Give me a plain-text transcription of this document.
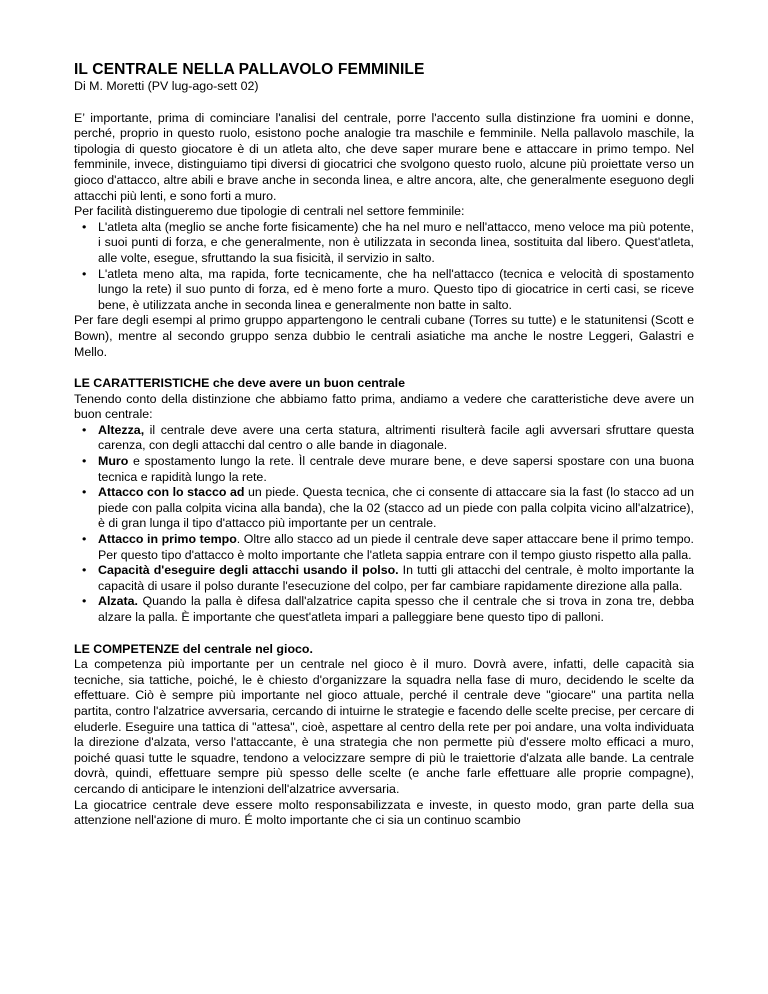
IL CENTRALE NELLA PALLAVOLO FEMMINILE
Di M. Moretti (PV lug-ago-sett 02)

E’ importante, prima di cominciare l'analisi del centrale, porre l'accento sulla distinzione fra uomini e donne, perché, proprio in questo ruolo, esistono poche analogie tra maschile e femminile. Nella pallavolo maschile, la tipologia di questo giocatore è di un atleta alto, che deve saper murare bene e attaccare in primo tempo. Nel femminile, invece, distinguiamo tipi diversi di giocatrici che svolgono questo ruolo, alcune più proiettate verso un gioco d'attacco, altre abili e brave anche in seconda linea, e altre ancora, alte, che generalmente eseguono degli attacchi più lenti, e sono forti a muro.

Per facilità distingueremo due tipologie di centrali nel settore femminile:

• L'atleta alta (meglio se anche forte fisicamente) che ha nel muro e nell'attacco, meno veloce ma più potente, i suoi punti di forza, e che generalmente, non è utilizzata in seconda linea, sostituita dal libero. Quest'atleta, alle volte, esegue, sfruttando la sua fisicità, il servizio in salto.
• L'atleta meno alta, ma rapida, forte tecnicamente, che ha nell'attacco (tecnica e velocità di spostamento lungo la rete) il suo punto di forza, ed è meno forte a muro. Questo tipo di giocatrice in certi casi, se riceve bene, è utilizzata anche in seconda linea e generalmente non batte in salto.

Per fare degli esempi al primo gruppo appartengono le centrali cubane (Torres su tutte) e le statunitensi (Scott e Bown), mentre al secondo gruppo senza dubbio le centrali asiatiche ma anche le nostre Leggeri, Galastri e Mello.

LE CARATTERISTICHE che deve avere un buon centrale

Tenendo conto della distinzione che abbiamo fatto prima, andiamo a vedere che caratteristiche deve avere un buon centrale:

• Altezza, il centrale deve avere una certa statura, altrimenti risulterà facile agli avversari sfruttare questa carenza, con degli attacchi dal centro o alle bande in diagonale.
• Muro e spostamento lungo la rete. Ìl centrale deve murare bene, e deve sapersi spostare con una buona tecnica e rapidità lungo la rete.
• Attacco con lo stacco ad un piede. Questa tecnica, che ci consente di attaccare sia la fast (lo stacco ad un piede con palla colpita vicina alla banda), che la 02 (stacco ad un piede con palla colpita vicino all'alzatrice), è di gran lunga il tipo d'attacco più importante per un centrale.
• Attacco in primo tempo. Oltre allo stacco ad un piede il centrale deve saper attaccare bene il primo tempo. Per questo tipo d'attacco è molto importante che l'atleta sappia entrare con il tempo giusto rispetto alla palla.
• Capacità d'eseguire degli attacchi usando il polso. In tutti gli attacchi del centrale, è molto importante la capacità di usare il polso durante l'esecuzione del colpo, per far cambiare rapidamente direzione alla palla.
• Alzata. Quando la palla è difesa dall'alzatrice capita spesso che il centrale che si trova in zona tre, debba alzare la palla. È importante che quest'atleta impari a palleggiare bene questo tipo di palloni.
LE COMPETENZE del centrale nel gioco.

La competenza più importante per un centrale nel gioco è il muro. Dovrà avere, infatti, delle capacità sia tecniche, sia tattiche, poiché, le è chiesto d'organizzare la squadra nella fase di muro, decidendo le scelte da effettuare. Ciò è sempre più importante nel gioco attuale, perché il centrale deve "giocare" una partita nella partita, contro l'alzatrice avversaria, cercando di intuirne le strategie e facendo delle scelte precise, per cercare di eluderle. Eseguire una tattica di "attesa", cioè, aspettare al centro della rete per poi andare, una volta individuata la direzione d'alzata, verso l'attaccante, è una strategia che non permette più d'essere molto efficaci a muro, poiché quasi tutte le squadre, tendono a velocizzare sempre di più le traiettorie d'alzata alle bande. La centrale dovrà, quindi, effettuare sempre più spesso delle scelte (e anche farle effettuare alle proprie compagne), cercando di anticipare le intenzioni dell'alzatrice avversaria.

La giocatrice centrale deve essere molto responsabilizzata e investe, in questo modo, gran parte della sua attenzione nell'azione di muro. É molto importante che ci sia un continuo scambio
